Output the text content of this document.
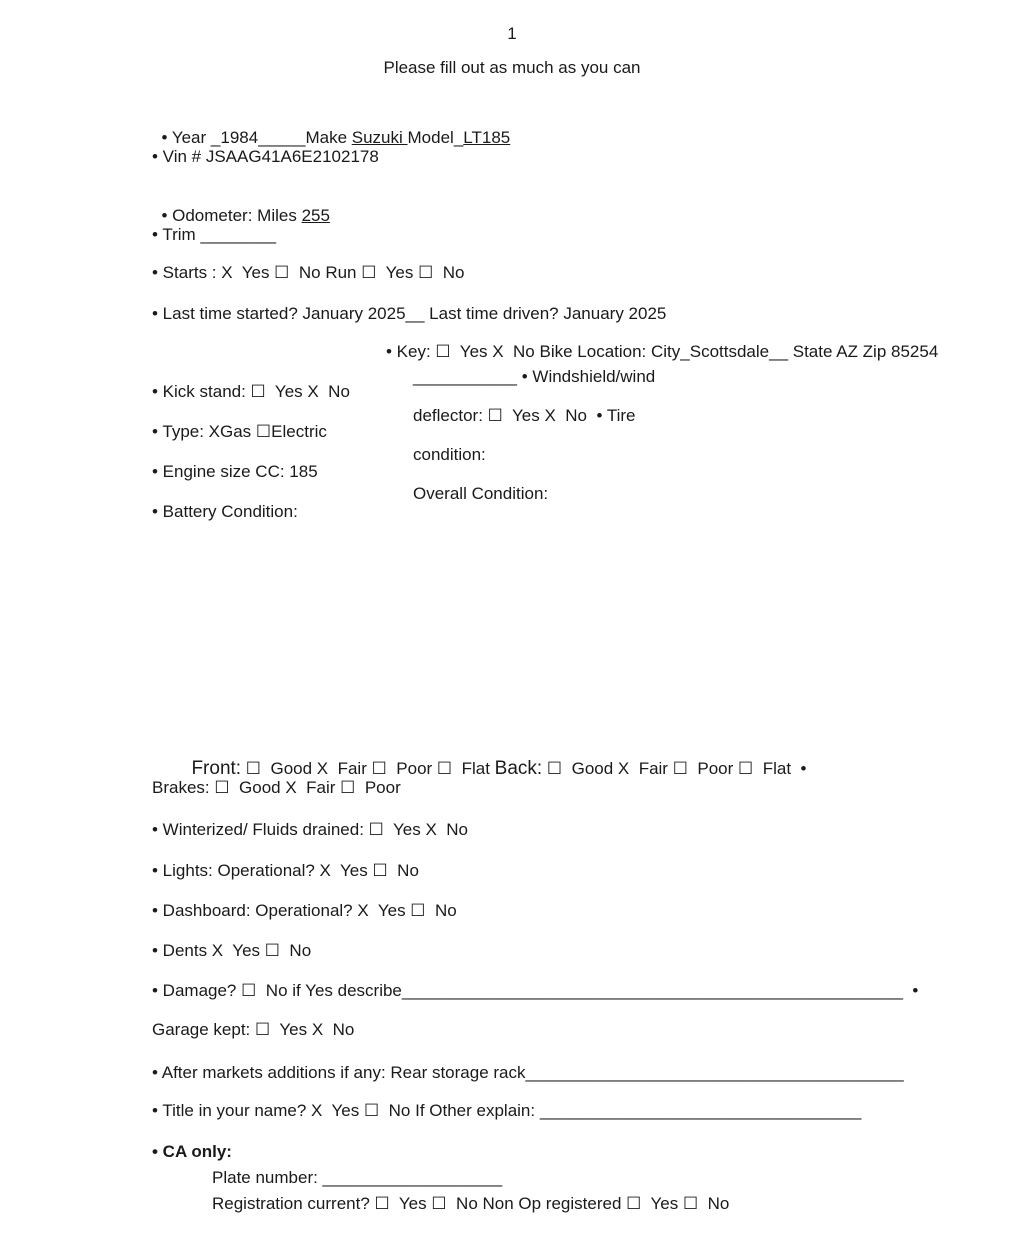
1
Please fill out as much as you can

• Year _1984_____Make Suzuki Model_LT185

• Vin # JSAAG41A6E2102178

• Odometer: Miles 255

• Trim ________
• Starts : X  Yes ☐  No Run ☐  Yes ☐  No
• Last time started? January 2025__ Last time driven? January 2025
• Key: ☐  Yes X  No Bike Location: City_Scottsdale__ State AZ Zip 85254
___________ • Windshield/wind
• Kick stand: ☐  Yes X  No
deflector: ☐  Yes X  No  • Tire
• Type: XGas ☐Electric
condition:
• Engine size CC: 185
Overall Condition:
• Battery Condition:

Front: ☐  Good X  Fair ☐  Poor ☐  Flat Back: ☐  Good X  Fair ☐  Poor ☐  Flat  •

Brakes: ☐  Good X  Fair ☐  Poor
• Winterized/ Fluids drained: ☐  Yes X  No
• Lights: Operational? X  Yes ☐  No
• Dashboard: Operational? X  Yes ☐  No
• Dents X  Yes ☐  No
• Damage? ☐  No if Yes describe_____________________________________________________  •
Garage kept: ☐  Yes X  No
• After markets additions if any: Rear storage rack________________________________________
• Title in your name? X  Yes ☐  No If Other explain: __________________________________
• CA only:
Plate number: ___________________
Registration current? ☐  Yes ☐  No Non Op registered ☐  Yes ☐  No
